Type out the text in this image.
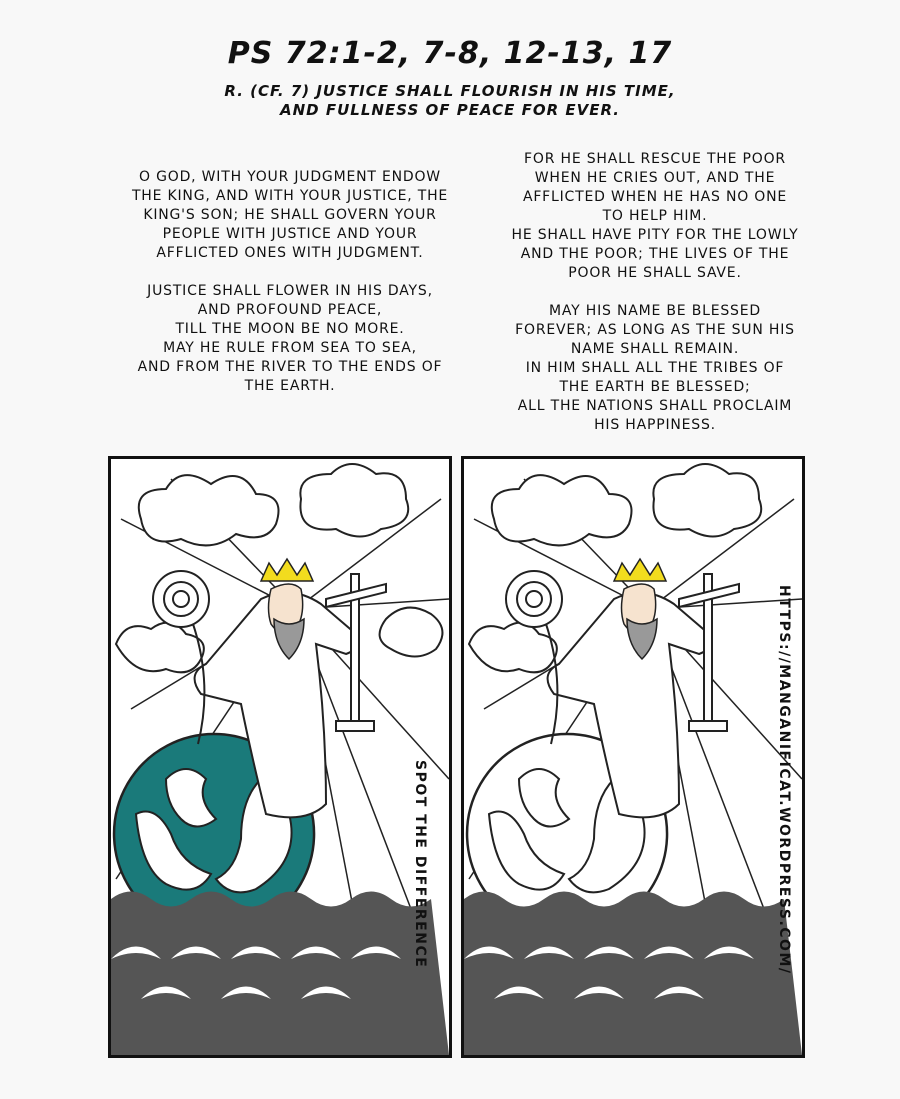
PS 72:1-2, 7-8, 12-13, 17
R. (CF. 7) JUSTICE SHALL FLOURISH IN HIS TIME,
AND FULLNESS OF PEACE FOR EVER.

O GOD, WITH YOUR JUDGMENT ENDOW
THE KING, AND WITH YOUR JUSTICE, THE
KING'S SON; HE SHALL GOVERN YOUR
PEOPLE WITH JUSTICE AND YOUR
AFFLICTED ONES WITH JUDGMENT.

JUSTICE SHALL FLOWER IN HIS DAYS,
AND PROFOUND PEACE,
TILL THE MOON BE NO MORE.
MAY HE RULE FROM SEA TO SEA,
AND FROM THE RIVER TO THE ENDS OF
THE EARTH.

FOR HE SHALL RESCUE THE POOR
WHEN HE CRIES OUT, AND THE
AFFLICTED WHEN HE HAS NO ONE
TO HELP HIM.
HE SHALL HAVE PITY FOR THE LOWLY
AND THE POOR; THE LIVES OF THE
POOR HE SHALL SAVE.

MAY HIS NAME BE BLESSED
FOREVER; AS LONG AS THE SUN HIS
NAME SHALL REMAIN.
IN HIM SHALL ALL THE TRIBES OF
THE EARTH BE BLESSED;
ALL THE NATIONS SHALL PROCLAIM
HIS HAPPINESS.

SPOT THE DIFFERENCE	HTTPS://MANGANIFICAT.WORDPRESS.COM/
